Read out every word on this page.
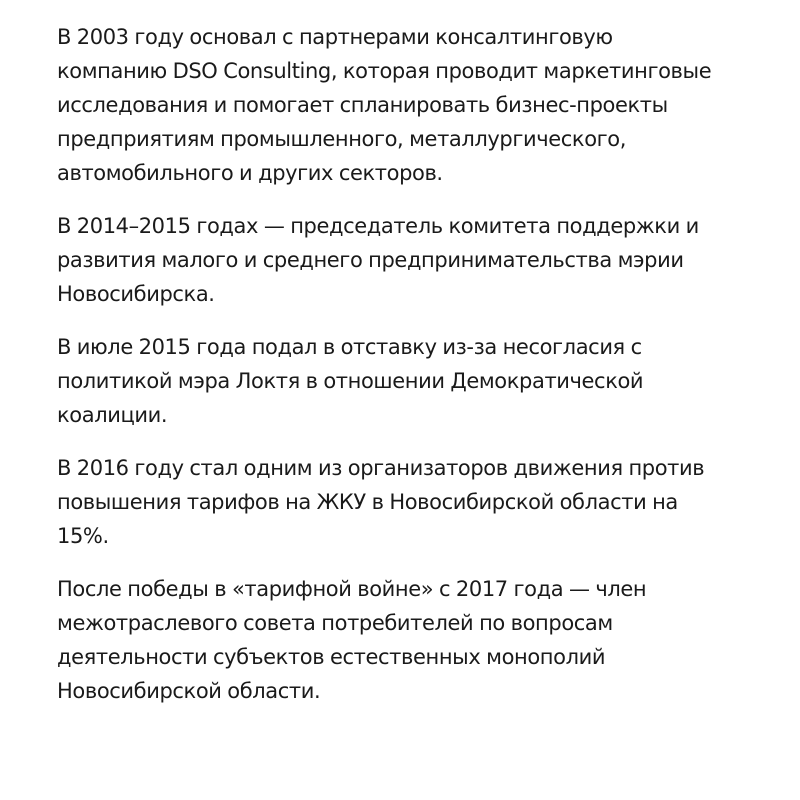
В 2003 году основал с партнерами консалтинговую
компанию DSO Consulting, которая проводит маркетинговые
исследования и помогает спланировать бизнес-проекты
предприятиям промышленного, металлургического,
автомобильного и других секторов.

В 2014–2015 годах — председатель комитета поддержки и
развития малого и среднего предпринимательства мэрии
Новосибирска.

В июле 2015 года подал в отставку из-за несогласия с
политикой мэра Локтя в отношении Демократической
коалиции.

В 2016 году стал одним из организаторов движения против
повышения тарифов на ЖКУ в Новосибирской области на
15%.

После победы в «тарифной войне» с 2017 года — член
межотраслевого совета потребителей по вопросам
деятельности субъектов естественных монополий
Новосибирской области.
